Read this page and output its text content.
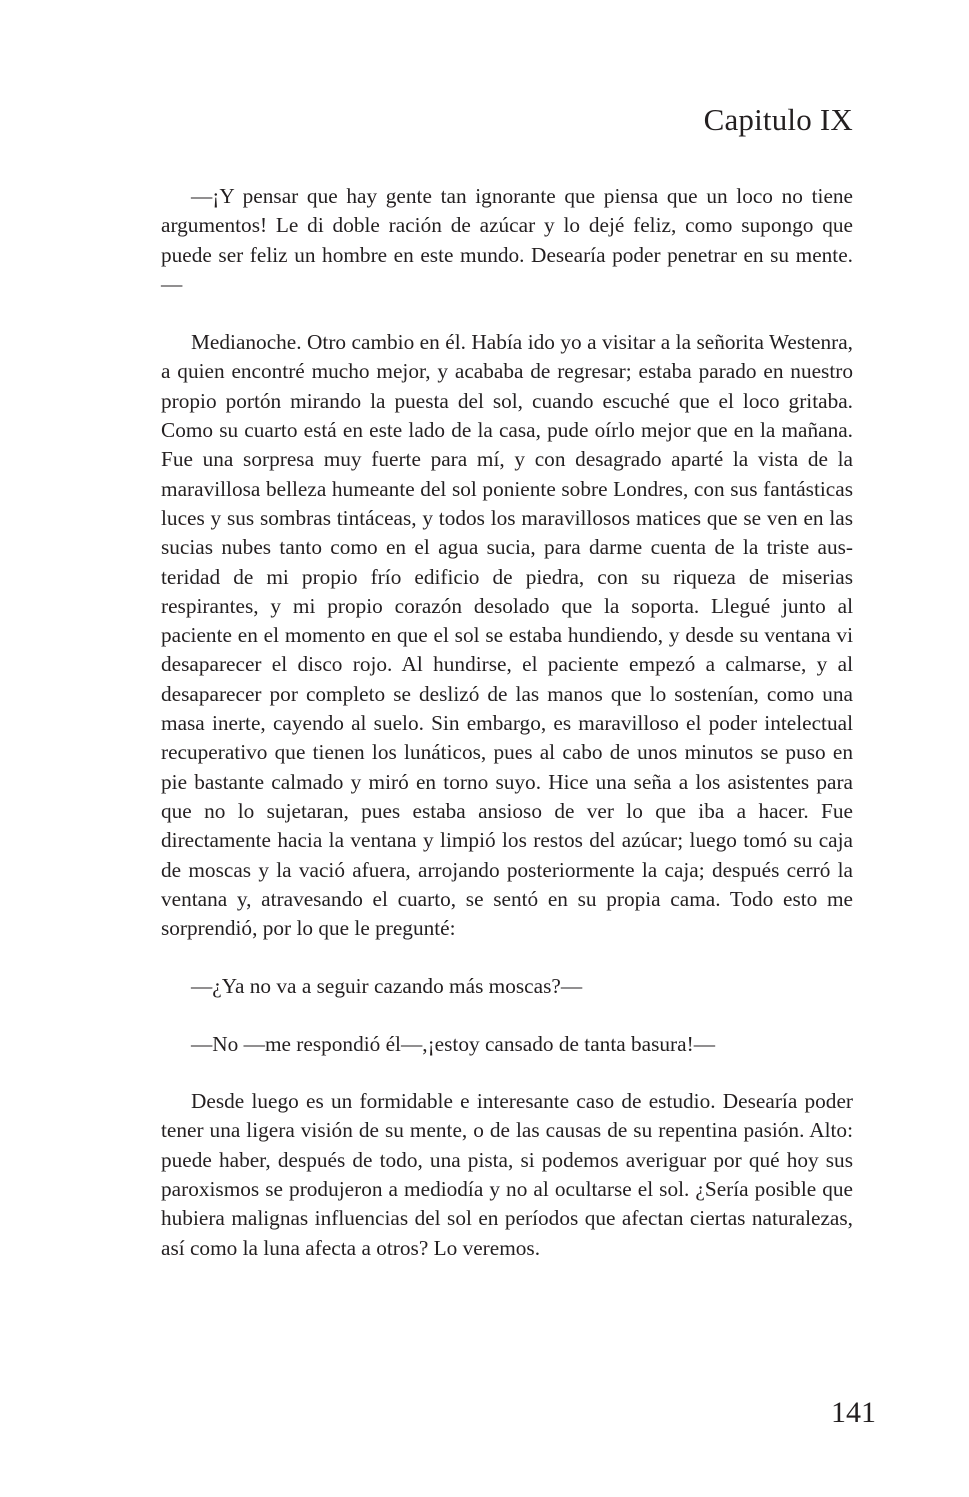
Capitulo IX

—¡Y pensar que hay gente tan ignorante que piensa que un loco no tiene argumentos! Le di doble ración de azúcar y lo dejé feliz, como supongo que puede ser feliz un hombre en este mundo. Desearía poder penetrar en su mente.—

Medianoche. Otro cambio en él. Había ido yo a visitar a la señorita Westenra, a quien encontré mucho mejor, y acababa de regresar; estaba parado en nuestro propio portón mirando la puesta del sol, cuando escuché que el loco gritaba. Como su cuarto está en este lado de la casa, pude oírlo mejor que en la mañana. Fue una sorpresa muy fuerte para mí, y con desagrado aparté la vista de la maravillosa belleza humeante del sol poniente sobre Londres, con sus fantásticas luces y sus sombras tintáceas, y todos los maravillosos matices que se ven en las sucias nubes tanto como en el agua sucia, para darme cuenta de la triste austeridad de mi propio frío edificio de piedra, con su riqueza de miserias respirantes, y mi propio corazón desolado que la soporta. Llegué junto al paciente en el momento en que el sol se estaba hundiendo, y desde su ventana vi desaparecer el disco rojo. Al hundirse, el paciente empezó a calmarse, y al desaparecer por completo se deslizó de las manos que lo sostenían, como una masa inerte, cayendo al suelo. Sin embargo, es maravilloso el poder intelectual recuperativo que tienen los lunáticos, pues al cabo de unos minutos se puso en pie bastante calmado y miró en torno suyo. Hice una seña a los asistentes para que no lo sujetaran, pues estaba ansioso de ver lo que iba a hacer. Fue directamente hacia la ventana y limpió los restos del azúcar; luego tomó su caja de moscas y la vació afuera, arrojando posteriormente la caja; después cerró la ventana y, atravesando el cuarto, se sentó en su propia cama. Todo esto me sorprendió, por lo que le pregunté:

—¿Ya no va a seguir cazando más moscas?—

—No —me respondió él—,¡estoy cansado de tanta basura!—

Desde luego es un formidable e interesante caso de estudio. Desearía poder tener una ligera visión de su mente, o de las causas de su repentina pasión. Alto: puede haber, después de todo, una pista, si podemos averiguar por qué hoy sus paroxismos se produjeron a mediodía y no al ocultarse el sol. ¿Sería posible que hubiera malignas influencias del sol en períodos que afectan ciertas naturalezas, así como la luna afecta a otros? Lo veremos.

141
